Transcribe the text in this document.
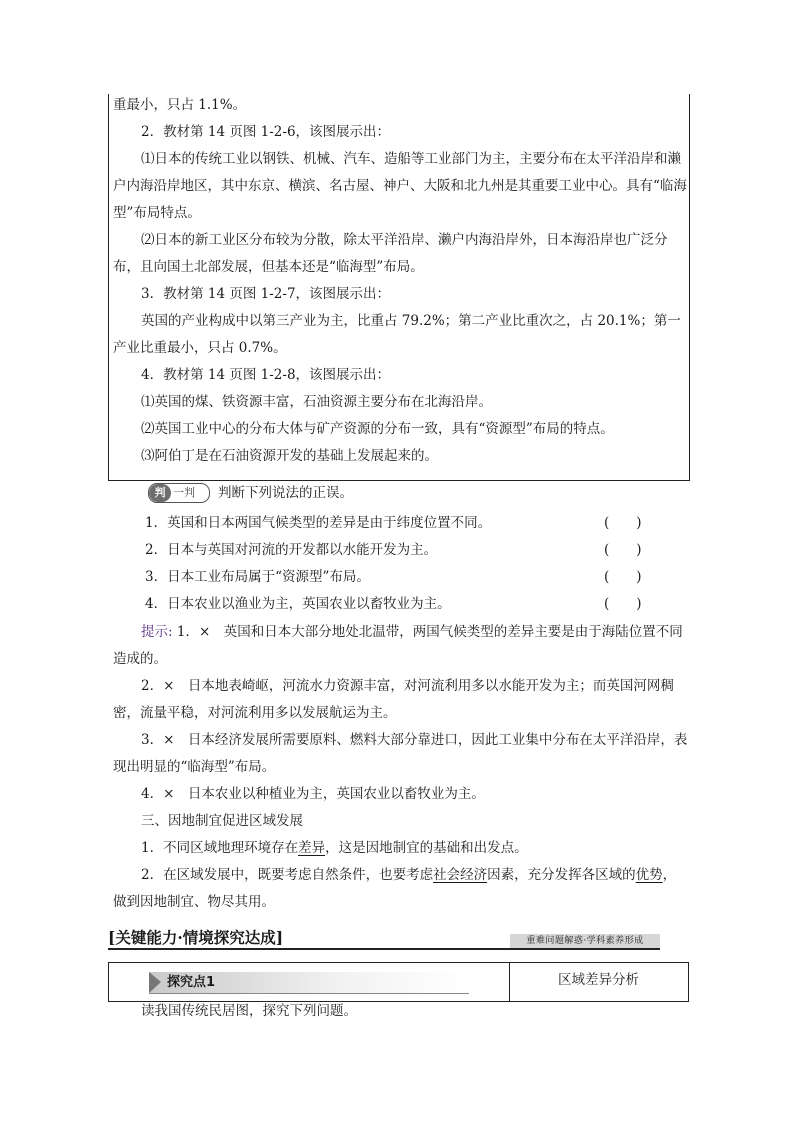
重最小，只占 1.1%。

2．教材第 14 页图 1-2-6，该图展示出：

⑴日本的传统工业以钢铁、机械、汽车、造船等工业部门为主，主要分布在太平洋沿岸和濑户内海沿岸地区，其中东京、横滨、名古屋、神户、大阪和北九州是其重要工业中心。具有“临海型”布局特点。

⑵日本的新工业区分布较为分散，除太平洋沿岸、濑户内海沿岸外，日本海沿岸也广泛分布，且向国土北部发展，但基本还是“临海型”布局。

3．教材第 14 页图 1-2-7，该图展示出：

英国的产业构成中以第三产业为主，比重占 79.2%；第二产业比重次之，占 20.1%；第一产业比重最小，只占 0.7%。

4．教材第 14 页图 1-2-8，该图展示出：

⑴英国的煤、铁资源丰富，石油资源主要分布在北海沿岸。

⑵英国工业中心的分布大体与矿产资源的分布一致，具有“资源型”布局的特点。

⑶阿伯丁是在石油资源开发的基础上发展起来的。

判 一判 判断下列说法的正误。
1．英国和日本两国气候类型的差异是由于纬度位置不同。	(　　)
2．日本与英国对河流的开发都以水能开发为主。	(　　)
3．日本工业布局属于“资源型”布局。	(　　)
4．日本农业以渔业为主，英国农业以畜牧业为主。	(　　)

提示: 1．×　英国和日本大部分地处北温带，两国气候类型的差异主要是由于海陆位置不同造成的。

2．×　日本地表崎岖，河流水力资源丰富，对河流利用多以水能开发为主；而英国河网稠密，流量平稳，对河流利用多以发展航运为主。

3．×　日本经济发展所需要原料、燃料大部分靠进口，因此工业集中分布在太平洋沿岸，表现出明显的“临海型”布局。

4．×　日本农业以种植业为主，英国农业以畜牧业为主。

三、因地制宜促进区域发展

1．不同区域地理环境存在差异，这是因地制宜的基础和出发点。

2．在区域发展中，既要考虑自然条件，也要考虑社会经济因素，充分发挥各区域的优势，做到因地制宜、物尽其用。

[关键能力·情境探究达成]	重难问题解惑·学科素养形成
探究点1	区域差异分析

读我国传统民居图，探究下列问题。
